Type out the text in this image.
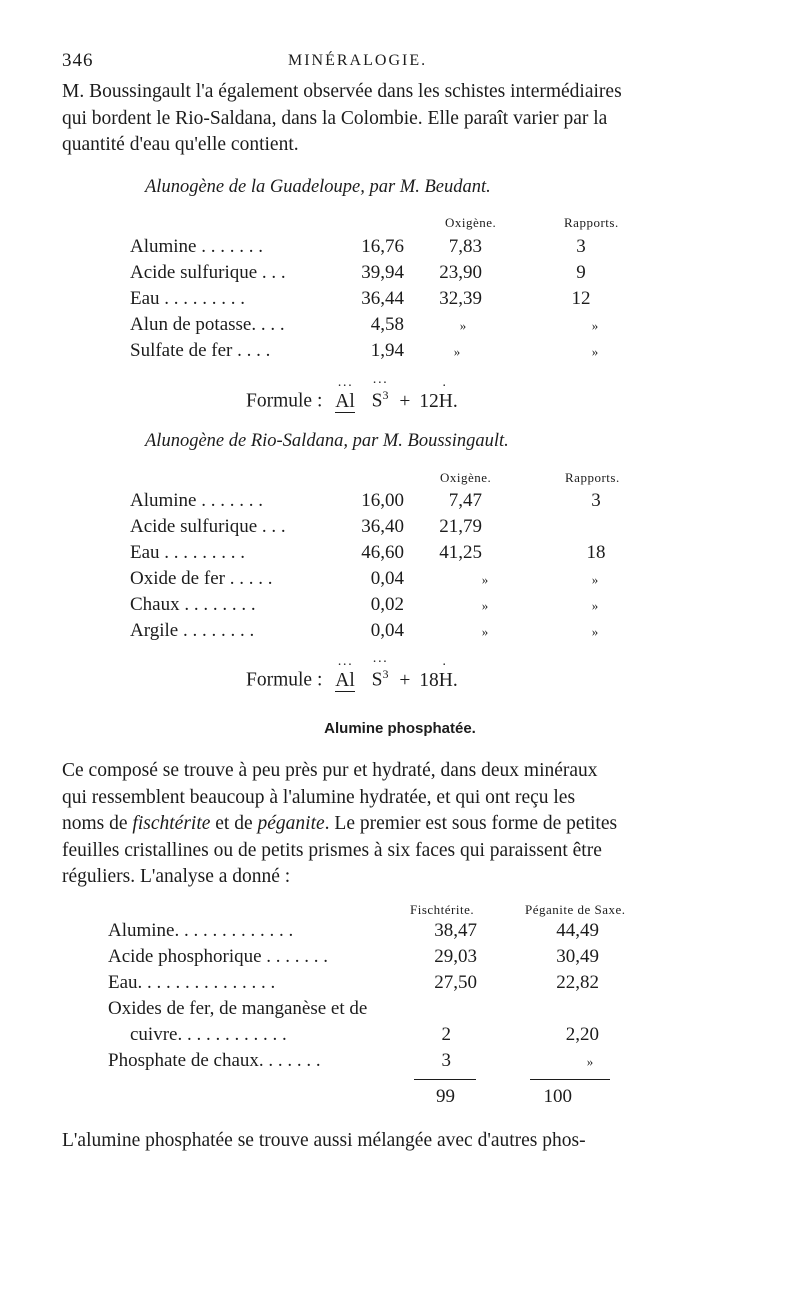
346	MINÉRALOGIE.
M. Boussingault l'a également observée dans les schistes intermédiaires
qui bordent le Rio-Saldana, dans la Colombie. Elle paraît varier par la
quantité d'eau qu'elle contient.
Alunogène de la Guadeloupe, par M. Beudant.
Oxigène.	Rapports.
Alumine . . . . . . .	16,76	7,83	3
Acide sulfurique . . .	39,94	23,90	9
Eau . . . . . . . . .	36,44	32,39	12
Alun de potasse. . . .	4,58	»	»
Sulfate de fer . . . .	1,94	»	»
Formule :
···
Al
···
$S^3$ +
·
12H.
Alunogène de Rio-Saldana, par M. Boussingault.
Oxigène.	Rapports.
Alumine . . . . . . .	16,00	7,47	3
Acide sulfurique . . .	36,40	21,79
Eau . . . . . . . . .	46,60	41,25	18
Oxide de fer . . . . .	0,04	»	»
Chaux . . . . . . . .	0,02	»	»
Argile . . . . . . . .	0,04	»	»
Formule :
···
Al
···
$S^3$ +
·
18H.
Alumine phosphatée.
Ce composé se trouve à peu près pur et hydraté, dans deux minéraux
qui ressemblent beaucoup à l'alumine hydratée, et qui ont reçu les
noms de fischtérite et de péganite. Le premier est sous forme de petites
feuilles cristallines ou de petits prismes à six faces qui paraissent être
réguliers. L'analyse a donné :
Fischtérite.	Péganite de Saxe.
Alumine. . . . . . . . . . . . .	38,47	44,49
Acide phosphorique . . . . . . .	29,03	30,49
Eau. . . . . . . . . . . . . . .	27,50	22,82
Oxides de fer, de manganèse et de
cuivre. . . . . . . . . . . .	2	2,20
Phosphate de chaux. . . . . . .	3	»
99	100
L'alumine phosphatée se trouve aussi mélangée avec d'autres phos-
